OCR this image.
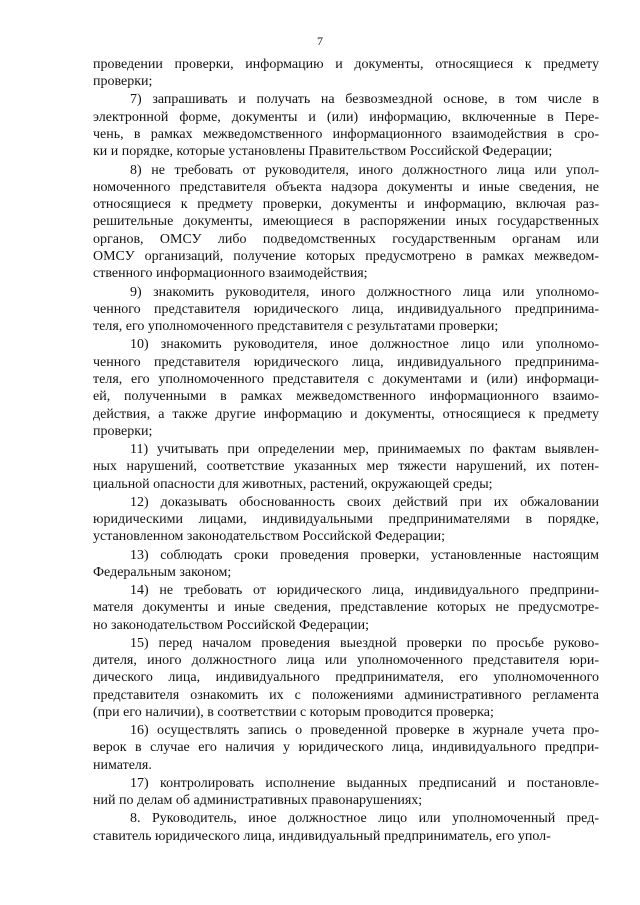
7

проведении проверки, информацию и документы, относящиеся к предмету
проверки;

7) запрашивать и получать на безвозмездной основе, в том числе в
электронной форме, документы и (или) информацию, включенные в Пере-
чень, в рамках межведомственного информационного взаимодействия в сро-
ки и порядке, которые установлены Правительством Российской Федерации;

8) не требовать от руководителя, иного должностного лица или упол-
номоченного представителя объекта надзора документы и иные сведения, не
относящиеся к предмету проверки, документы и информацию, включая раз-
решительные документы, имеющиеся в распоряжении иных государственных
органов, ОМСУ либо подведомственных государственным органам или
ОМСУ организаций, получение которых предусмотрено в рамках межведом-
ственного информационного взаимодействия;

9) знакомить руководителя, иного должностного лица или уполномо-
ченного представителя юридического лица, индивидуального предпринима-
теля, его уполномоченного представителя с результатами проверки;

10) знакомить руководителя, иное должностное лицо или уполномо-
ченного представителя юридического лица, индивидуального предпринима-
теля, его уполномоченного представителя с документами и (или) информаци-
ей, полученными в рамках межведомственного информационного взаимо-
действия, а также другие информацию и документы, относящиеся к предмету
проверки;

11) учитывать при определении мер, принимаемых по фактам выявлен-
ных нарушений, соответствие указанных мер тяжести нарушений, их потен-
циальной опасности для животных, растений, окружающей среды;

12) доказывать обоснованность своих действий при их обжаловании
юридическими лицами, индивидуальными предпринимателями в порядке,
установленном законодательством Российской Федерации;

13) соблюдать сроки проведения проверки, установленные настоящим
Федеральным законом;

14) не требовать от юридического лица, индивидуального предприни-
мателя документы и иные сведения, представление которых не предусмотре-
но законодательством Российской Федерации;

15) перед началом проведения выездной проверки по просьбе руково-
дителя, иного должностного лица или уполномоченного представителя юри-
дического лица, индивидуального предпринимателя, его уполномоченного
представителя ознакомить их с положениями административного регламента
(при его наличии), в соответствии с которым проводится проверка;

16) осуществлять запись о проведенной проверке в журнале учета про-
верок в случае его наличия у юридического лица, индивидуального предпри-
нимателя.

17) контролировать исполнение выданных предписаний и постановле-
ний по делам об административных правонарушениях;

8. Руководитель, иное должностное лицо или уполномоченный пред-
ставитель юридического лица, индивидуальный предприниматель, его упол-
